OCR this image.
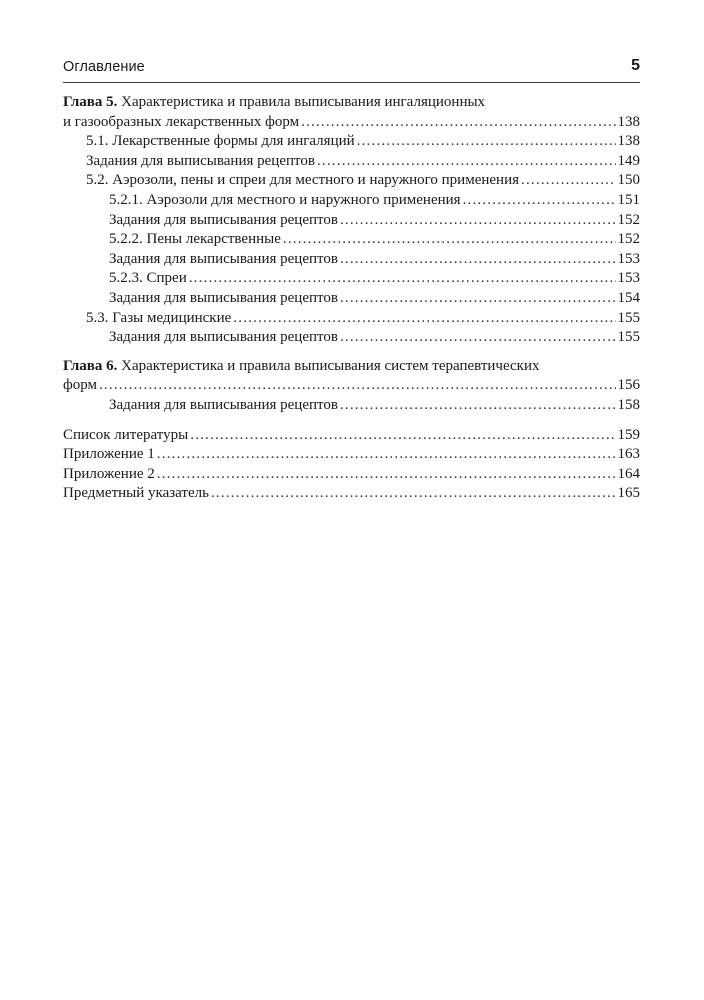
Оглавление	5
Глава 5. Характеристика и правила выписывания ингаляционных
и газообразных лекарственных форм .....	138
5.1. Лекарственные формы для ингаляций .....	138
Задания для выписывания рецептов .....	149
5.2. Аэрозоли, пены и спреи для местного и наружного применения .....	150
5.2.1. Аэрозоли для местного и наружного применения .....	151
Задания для выписывания рецептов .....	152
5.2.2. Пены лекарственные .....	152
Задания для выписывания рецептов .....	153
5.2.3. Спреи .....	153
Задания для выписывания рецептов .....	154
5.3. Газы медицинские .....	155
Задания для выписывания рецептов .....	155
Глава 6. Характеристика и правила выписывания систем терапевтических
форм .....	156
Задания для выписывания рецептов .....	158
Список литературы .....	159
Приложение 1 .....	163
Приложение 2 .....	164
Предметный указатель .....	165
